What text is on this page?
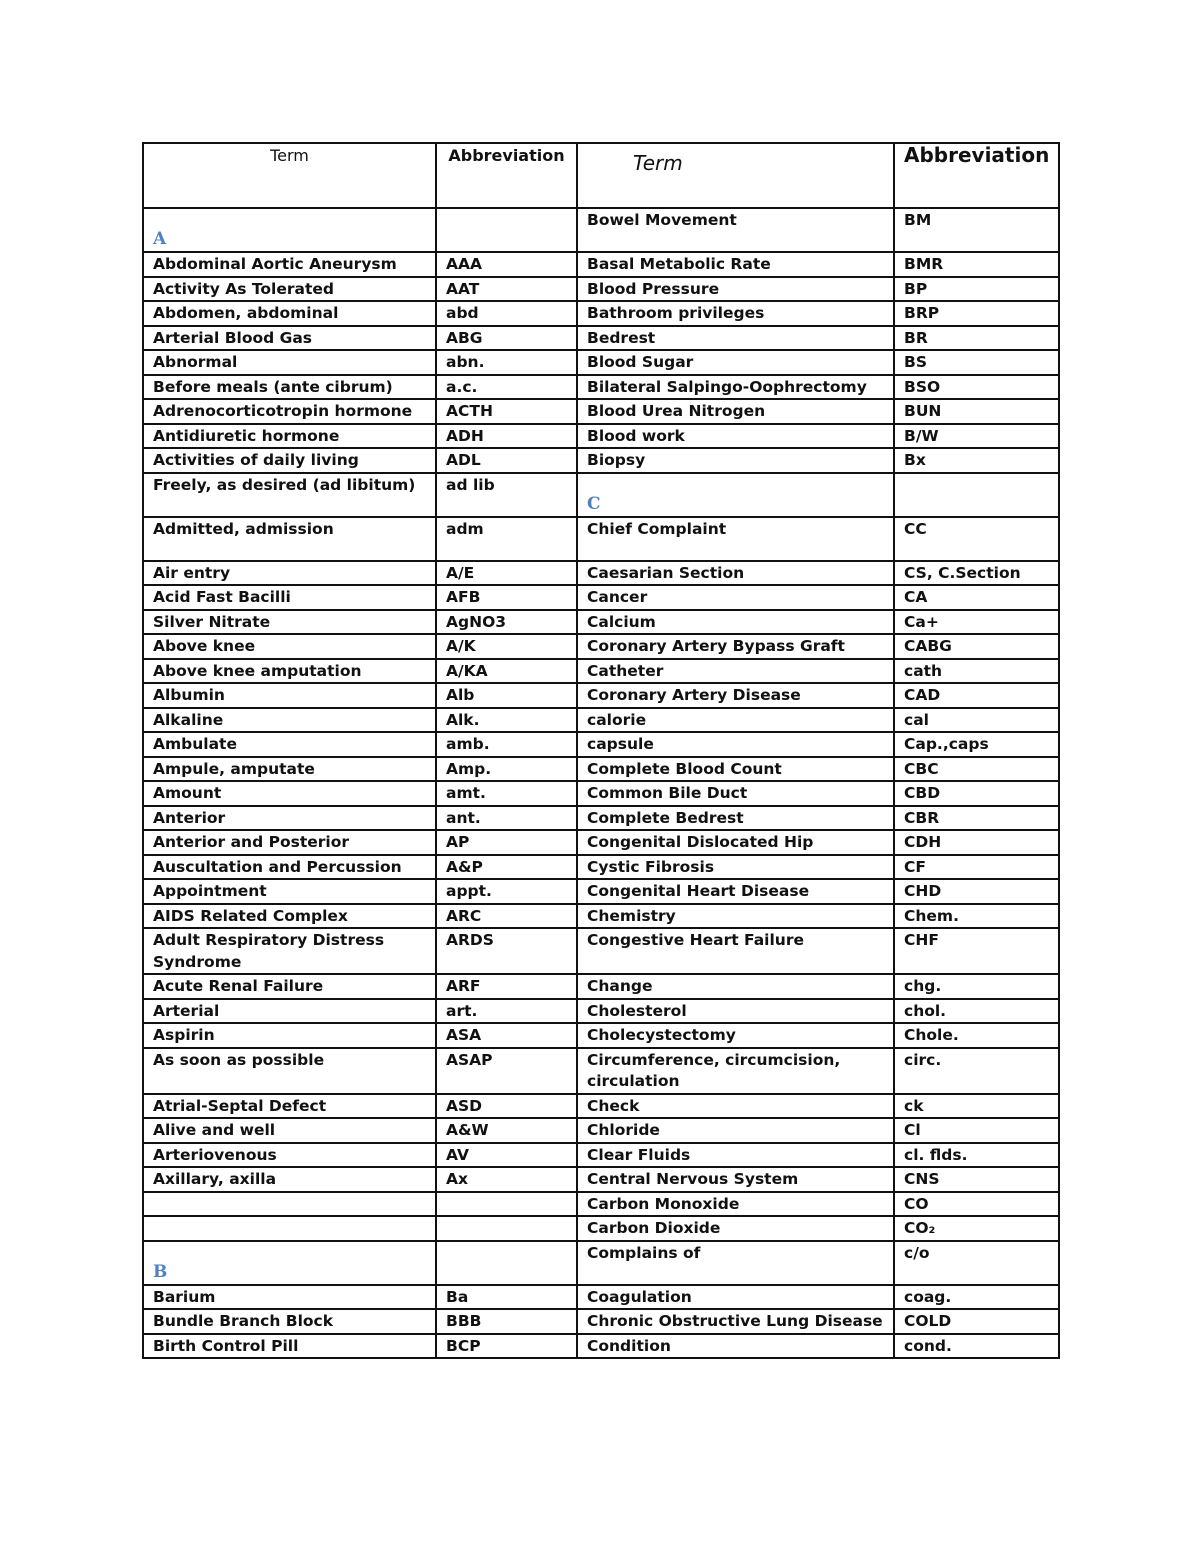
Term	Abbreviation	Term	Abbreviation

A		Bowel Movement	BM
Abdominal Aortic Aneurysm	AAA	Basal Metabolic Rate	BMR
Activity As Tolerated	AAT	Blood Pressure	BP
Abdomen, abdominal	abd	Bathroom privileges	BRP
Arterial Blood Gas	ABG	Bedrest	BR
Abnormal	abn.	Blood Sugar	BS
Before meals (ante cibrum)	a.c.	Bilateral Salpingo-Oophrectomy	BSO
Adrenocorticotropin hormone	ACTH	Blood Urea Nitrogen	BUN
Antidiuretic hormone	ADH	Blood work	B/W
Activities of daily living	ADL	Biopsy	Bx
Freely, as desired (ad libitum)	ad lib	C	

Admitted, admission	adm	Chief Complaint	CC
Air entry	A/E	Caesarian Section	CS, C.Section
Acid Fast Bacilli	AFB	Cancer	CA
Silver Nitrate	AgNO3	Calcium	Ca+
Above knee	A/K	Coronary Artery Bypass Graft	CABG
Above knee amputation	A/KA	Catheter	cath
Albumin	Alb	Coronary Artery Disease	CAD
Alkaline	Alk.	calorie	cal
Ambulate	amb.	capsule	Cap.,caps
Ampule, amputate	Amp.	Complete Blood Count	CBC
Amount	amt.	Common Bile Duct	CBD
Anterior	ant.	Complete Bedrest	CBR
Anterior and Posterior	AP	Congenital Dislocated Hip	CDH
Auscultation and Percussion	A&P	Cystic Fibrosis	CF
Appointment	appt.	Congenital Heart Disease	CHD
AIDS Related Complex	ARC	Chemistry	Chem.
Adult Respiratory Distress Syndrome	ARDS	Congestive Heart Failure	CHF
Acute Renal Failure	ARF	Change	chg.
Arterial	art.	Cholesterol	chol.
Aspirin	ASA	Cholecystectomy	Chole.
As soon as possible	ASAP	Circumference, circumcision, circulation	circ.
Atrial-Septal Defect	ASD	Check	ck
Alive and well	A&W	Chloride	Cl
Arteriovenous	AV	Clear Fluids	cl. flds.
Axillary, axilla	Ax	Central Nervous System	CNS
		Carbon Monoxide	CO
		Carbon Dioxide	CO₂

B		Complains of	c/o
Barium	Ba	Coagulation	coag.
Bundle Branch Block	BBB	Chronic Obstructive Lung Disease	COLD
Birth Control Pill	BCP	Condition	cond.
